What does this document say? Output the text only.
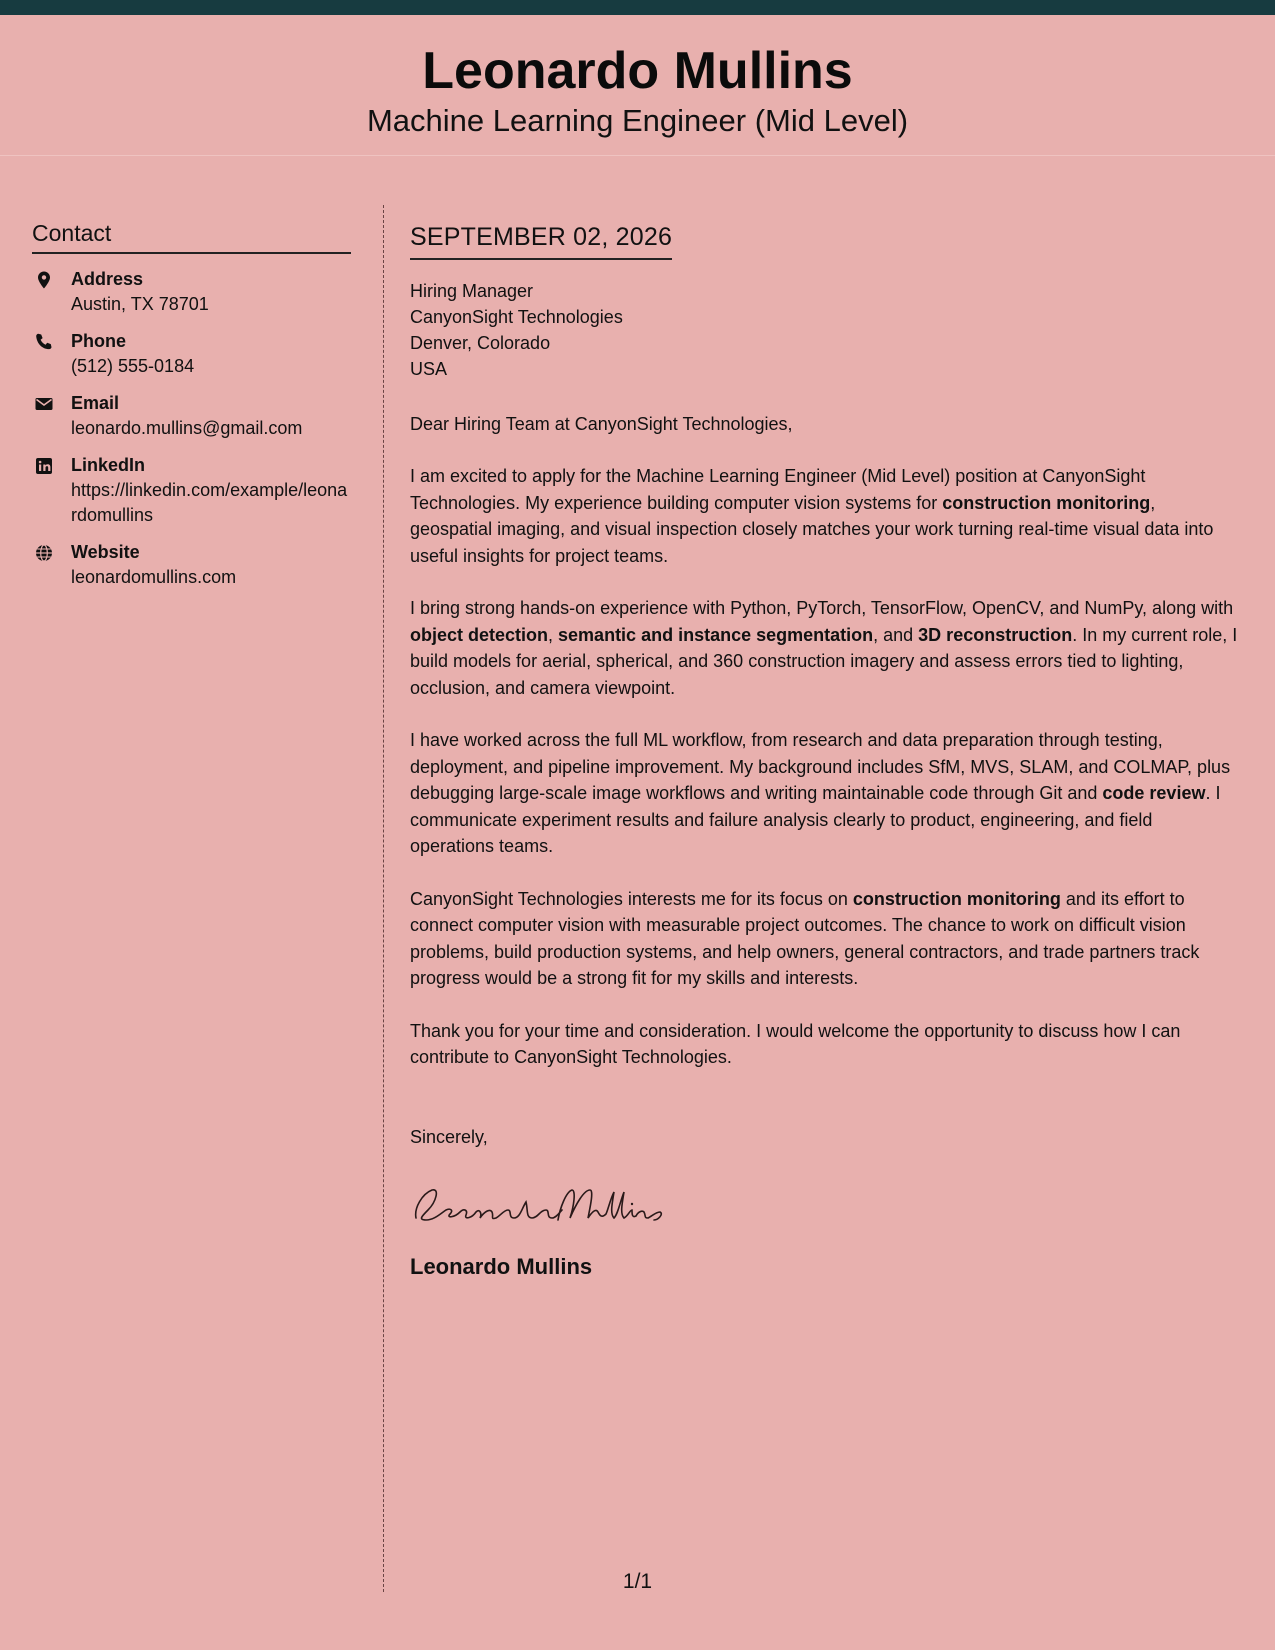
Leonardo Mullins
Machine Learning Engineer (Mid Level)
Contact
Address
Austin, TX 78701
Phone
(512) 555-0184
Email
leonardo.mullins@gmail.com
LinkedIn
https://linkedin.com/example/leonardomullins
Website
leonardomullins.com
SEPTEMBER 02, 2026
Hiring Manager
CanyonSight Technologies
Denver, Colorado
USA
Dear Hiring Team at CanyonSight Technologies,
I am excited to apply for the Machine Learning Engineer (Mid Level) position at CanyonSight Technologies. My experience building computer vision systems for construction monitoring, geospatial imaging, and visual inspection closely matches your work turning real-time visual data into useful insights for project teams.
I bring strong hands-on experience with Python, PyTorch, TensorFlow, OpenCV, and NumPy, along with object detection, semantic and instance segmentation, and 3D reconstruction. In my current role, I build models for aerial, spherical, and 360 construction imagery and assess errors tied to lighting, occlusion, and camera viewpoint.
I have worked across the full ML workflow, from research and data preparation through testing, deployment, and pipeline improvement. My background includes SfM, MVS, SLAM, and COLMAP, plus debugging large-scale image workflows and writing maintainable code through Git and code review. I communicate experiment results and failure analysis clearly to product, engineering, and field operations teams.
CanyonSight Technologies interests me for its focus on construction monitoring and its effort to connect computer vision with measurable project outcomes. The chance to work on difficult vision problems, build production systems, and help owners, general contractors, and trade partners track progress would be a strong fit for my skills and interests.
Thank you for your time and consideration. I would welcome the opportunity to discuss how I can contribute to CanyonSight Technologies.
Sincerely,
Leonardo Mullins
1/1
